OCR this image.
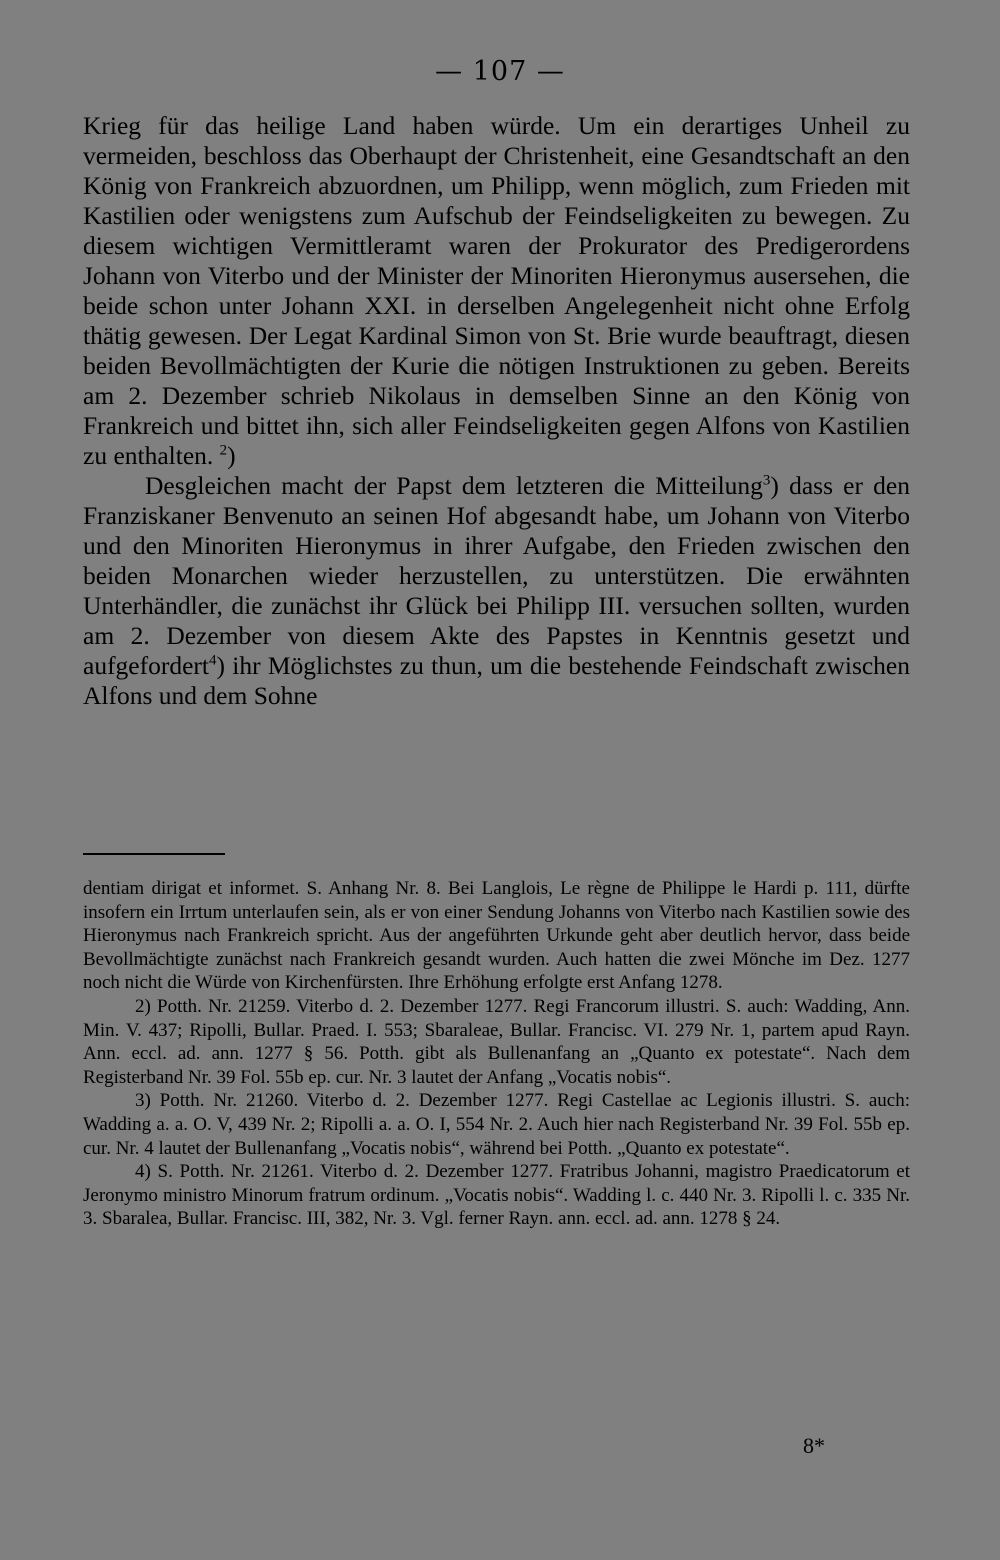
— 107 —

Krieg für das heilige Land haben würde. Um ein derartiges Unheil zu vermeiden, beschloss das Oberhaupt der Christenheit, eine Gesandtschaft an den König von Frankreich abzuordnen, um Philipp, wenn möglich, zum Frieden mit Kastilien oder wenigstens zum Aufschub der Feindseligkeiten zu bewegen. Zu diesem wichtigen Vermittleramt waren der Prokurator des Predigerordens Johann von Viterbo und der Minister der Minoriten Hieronymus ausersehen, die beide schon unter Johann XXI. in derselben Angelegenheit nicht ohne Erfolg thätig gewesen. Der Legat Kardinal Simon von St. Brie wurde beauftragt, diesen beiden Bevollmächtigten der Kurie die nötigen Instruktionen zu geben. Bereits am 2. Dezember schrieb Nikolaus in demselben Sinne an den König von Frankreich und bittet ihn, sich aller Feindseligkeiten gegen Alfons von Kastilien zu enthalten. $^2$)

Desgleichen macht der Papst dem letzteren die Mitteilung$^3$) dass er den Franziskaner Benvenuto an seinen Hof abgesandt habe, um Johann von Viterbo und den Minoriten Hieronymus in ihrer Aufgabe, den Frieden zwischen den beiden Monarchen wieder herzustellen, zu unterstützen. Die erwähnten Unterhändler, die zunächst ihr Glück bei Philipp III. versuchen sollten, wurden am 2. Dezember von diesem Akte des Papstes in Kenntnis gesetzt und aufgefordert$^4$) ihr Möglichstes zu thun, um die bestehende Feindschaft zwischen Alfons und dem Sohne

dentiam dirigat et informet. S. Anhang Nr. 8. Bei Langlois, Le règne de Philippe le Hardi p. 111, dürfte insofern ein Irrtum unterlaufen sein, als er von einer Sendung Johanns von Viterbo nach Kastilien sowie des Hieronymus nach Frankreich spricht. Aus der angeführten Urkunde geht aber deutlich hervor, dass beide Bevollmächtigte zunächst nach Frankreich gesandt wurden. Auch hatten die zwei Mönche im Dez. 1277 noch nicht die Würde von Kirchenfürsten. Ihre Erhöhung erfolgte erst Anfang 1278.

2) Potth. Nr. 21259. Viterbo d. 2. Dezember 1277. Regi Francorum illustri. S. auch: Wadding, Ann. Min. V. 437; Ripolli, Bullar. Praed. I. 553; Sbaraleae, Bullar. Francisc. VI. 279 Nr. 1, partem apud Rayn. Ann. eccl. ad. ann. 1277 § 56. Potth. gibt als Bullenanfang an „Quanto ex potestate“. Nach dem Registerband Nr. 39 Fol. 55b ep. cur. Nr. 3 lautet der Anfang „Vocatis nobis“.

3) Potth. Nr. 21260. Viterbo d. 2. Dezember 1277. Regi Castellae ac Legionis illustri. S. auch: Wadding a. a. O. V, 439 Nr. 2; Ripolli a. a. O. I, 554 Nr. 2. Auch hier nach Registerband Nr. 39 Fol. 55b ep. cur. Nr. 4 lautet der Bullenanfang „Vocatis nobis“, während bei Potth. „Quanto ex potestate“.

4) S. Potth. Nr. 21261. Viterbo d. 2. Dezember 1277. Fratribus Johanni, magistro Praedicatorum et Jeronymo ministro Minorum fratrum ordinum. „Vocatis nobis“. Wadding l. c. 440 Nr. 3. Ripolli l. c. 335 Nr. 3. Sbaralea, Bullar. Francisc. III, 382, Nr. 3. Vgl. ferner Rayn. ann. eccl. ad. ann. 1278 § 24.

8*
